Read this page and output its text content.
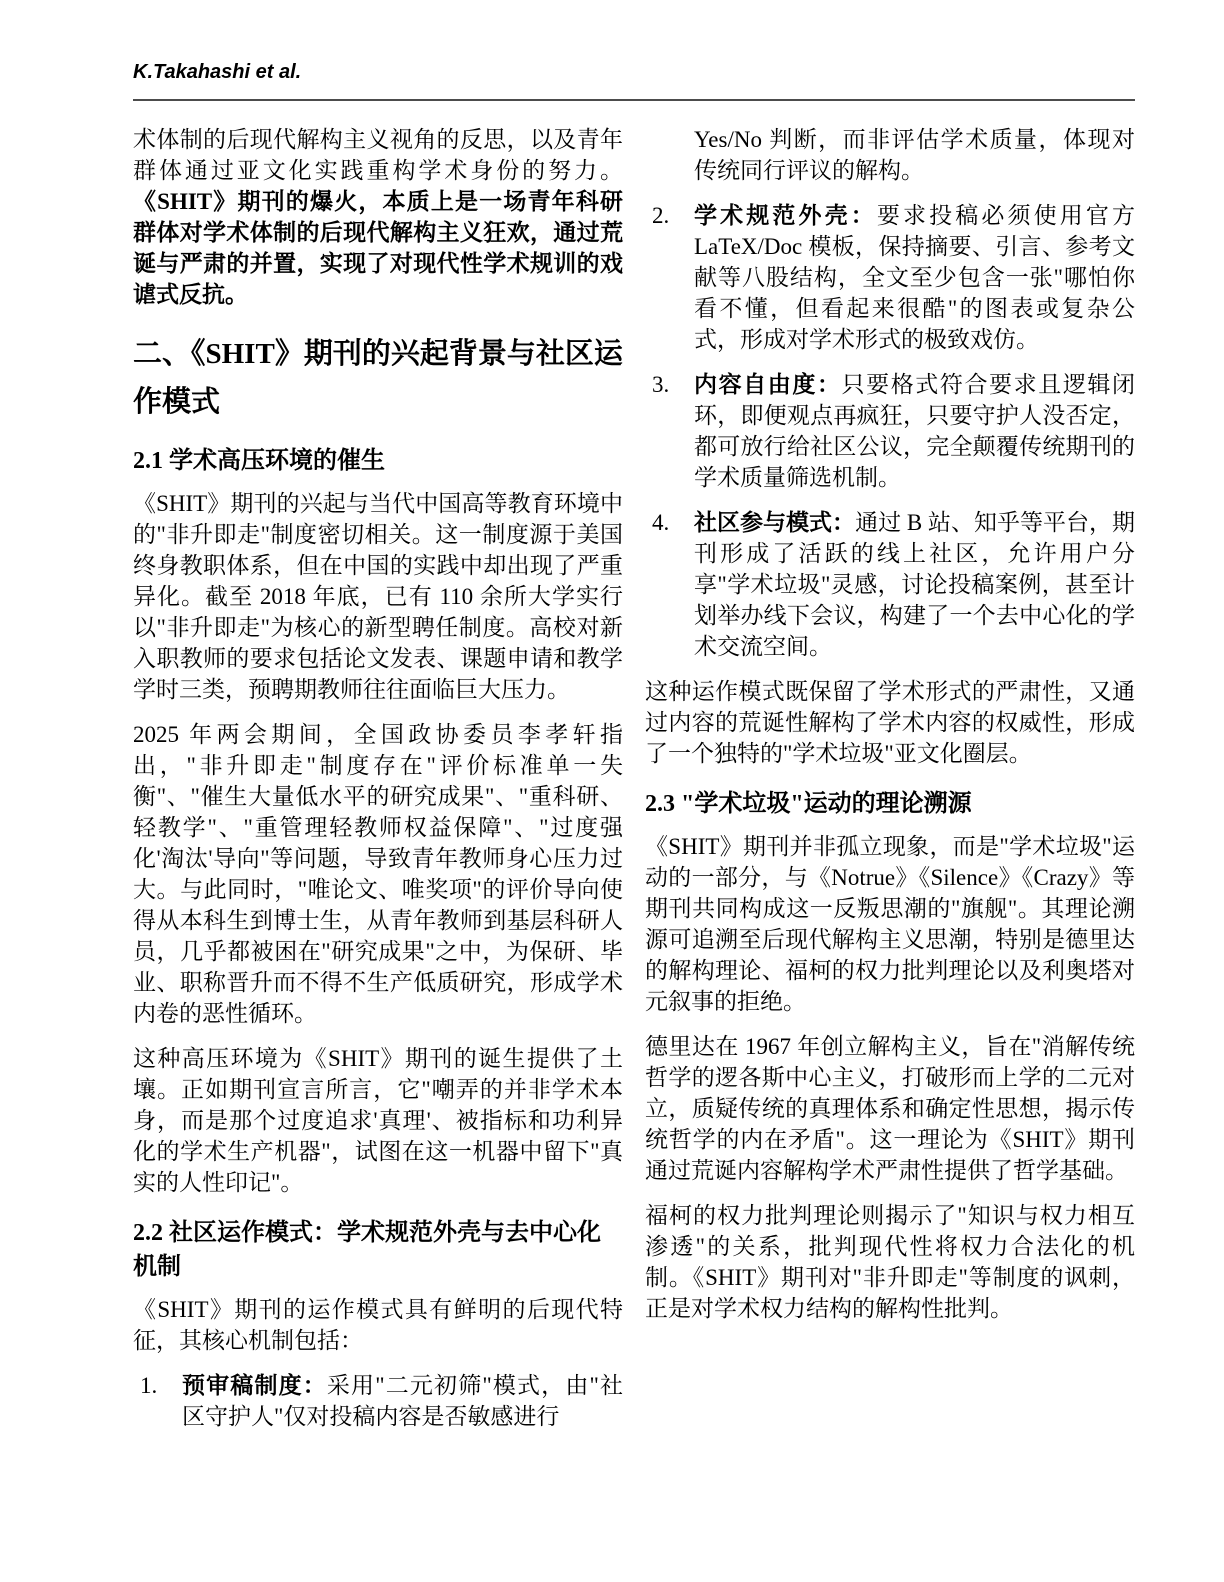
K.Takahashi et al.
术体制的后现代解构主义视角的反思，以及青年群体通过亚文化实践重构学术身份的努力。《SHIT》期刊的爆火，本质上是一场青年科研群体对学术体制的后现代解构主义狂欢，通过荒诞与严肃的并置，实现了对现代性学术规训的戏谑式反抗。
二、《SHIT》期刊的兴起背景与社区运作模式
2.1 学术高压环境的催生
《SHIT》期刊的兴起与当代中国高等教育环境中的"非升即走"制度密切相关。这一制度源于美国终身教职体系，但在中国的实践中却出现了严重异化。截至 2018 年底，已有 110 余所大学实行以"非升即走"为核心的新型聘任制度。高校对新入职教师的要求包括论文发表、课题申请和教学学时三类，预聘期教师往往面临巨大压力。
2025 年两会期间，全国政协委员李孝轩指出，"非升即走"制度存在"评价标准单一失衡"、"催生大量低水平的研究成果"、"重科研、轻教学"、"重管理轻教师权益保障"、"过度强化'淘汰'导向"等问题，导致青年教师身心压力过大。与此同时，"唯论文、唯奖项"的评价导向使得从本科生到博士生，从青年教师到基层科研人员，几乎都被困在"研究成果"之中，为保研、毕业、职称晋升而不得不生产低质研究，形成学术内卷的恶性循环。
这种高压环境为《SHIT》期刊的诞生提供了土壤。正如期刊宣言所言，它"嘲弄的并非学术本身，而是那个过度追求'真理'、被指标和功利异化的学术生产机器"，试图在这一机器中留下"真实的人性印记"。
2.2 社区运作模式：学术规范外壳与去中心化机制
《SHIT》期刊的运作模式具有鲜明的后现代特征，其核心机制包括：
1.	预审稿制度：采用"二元初筛"模式，由"社区守护人"仅对投稿内容是否敏感进行
Yes/No 判断，而非评估学术质量，体现对传统同行评议的解构。
2.	学术规范外壳：要求投稿必须使用官方 LaTeX/Doc 模板，保持摘要、引言、参考文献等八股结构，全文至少包含一张"哪怕你看不懂，但看起来很酷"的图表或复杂公式，形成对学术形式的极致戏仿。
3.	内容自由度：只要格式符合要求且逻辑闭环，即便观点再疯狂，只要守护人没否定，都可放行给社区公议，完全颠覆传统期刊的学术质量筛选机制。
4.	社区参与模式：通过 B 站、知乎等平台，期刊形成了活跃的线上社区，允许用户分享"学术垃圾"灵感，讨论投稿案例，甚至计划举办线下会议，构建了一个去中心化的学术交流空间。
这种运作模式既保留了学术形式的严肃性，又通过内容的荒诞性解构了学术内容的权威性，形成了一个独特的"学术垃圾"亚文化圈层。
2.3 "学术垃圾"运动的理论溯源
《SHIT》期刊并非孤立现象，而是"学术垃圾"运动的一部分，与《Notrue》《Silence》《Crazy》等期刊共同构成这一反叛思潮的"旗舰"。其理论溯源可追溯至后现代解构主义思潮，特别是德里达的解构理论、福柯的权力批判理论以及利奥塔对元叙事的拒绝。
德里达在 1967 年创立解构主义，旨在"消解传统哲学的逻各斯中心主义，打破形而上学的二元对立，质疑传统的真理体系和确定性思想，揭示传统哲学的内在矛盾"。这一理论为《SHIT》期刊通过荒诞内容解构学术严肃性提供了哲学基础。
福柯的权力批判理论则揭示了"知识与权力相互渗透"的关系，批判现代性将权力合法化的机制。《SHIT》期刊对"非升即走"等制度的讽刺，正是对学术权力结构的解构性批判。
